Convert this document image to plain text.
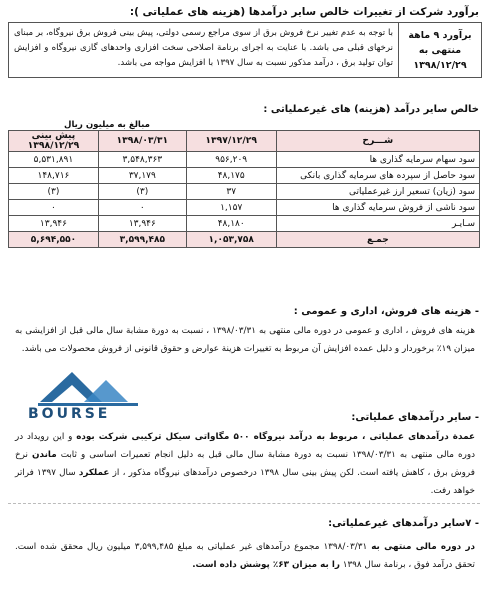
برآورد شرکت از تغییرات خالص سایر درآمدها (هزینه های عملیاتی ):
برآورد ۹ ماهة منتهی به
۱۳۹۸/۱۲/۲۹
با توجه به عدم تغییر نرخ فروش برق از سوی مراجع رسمی دولتی، پیش بینی فروش برق نیروگاه، بر مبنای نرخهای قبلی می باشد. با عنایت به اجرای برنامة اصلاحی سخت افزاری واحدهای گازی نیروگاه و افزایش توان تولید برق ، درآمد مذکور نسبت به سال ۱۳۹۷ با افزایش مواجه می باشد.
خالص سایر درآمد (هزینه) های غیرعملیاتی :
مبالغ به میلیون ریال
شـــرح	۱۳۹۷/۱۲/۲۹	۱۳۹۸/۰۳/۳۱	پیش بینی
۱۳۹۸/۱۲/۲۹

سود سهام سرمایه گذاری ها	۹۵۶,۲۰۹	۳,۵۴۸,۳۶۳	۵,۵۳۱,۸۹۱
سود حاصل از سپرده های سرمایه گذاری بانکی	۴۸,۱۷۵	۳۷,۱۷۹	۱۴۸,۷۱۶
سود (زیان) تسعیر ارز غیرعملیاتی	۳۷	(۳)	(۳)
سود ناشی از فروش سرمایه گذاری ها	۱,۱۵۷	۰	۰
سـایـر	۴۸,۱۸۰	۱۳,۹۴۶	۱۳,۹۴۶
جمـع	۱,۰۵۳,۷۵۸	۳,۵۹۹,۴۸۵	۵,۶۹۴,۵۵۰
- هزینه های فروش، اداری و عمومی :
هزینه های فروش ، اداری و عمومی در دوره مالی منتهی به ۱۳۹۸/۰۳/۳۱ ، نسبت به دورة مشابة سال مالی قبل از افزایشی به میزان ۱۹٪ برخوردار و دلیل عمده افزایش آن مربوط به تغییرات هزینة عوارض و حقوق قانونی از فروش محصولات می باشد.
BOURSE	- سایر درآمدهای عملیاتی:
عمدة درآمدهای عملیاتی ، مربوط به درآمد نیروگاه ۵۰۰ مگاواتی سیکل ترکیبی شرکت بوده و این رویداد در دوره مالی منتهی به ۱۳۹۸/۰۳/۳۱ نسبت به دورة مشابة سال مالی قبل به دلیل انجام تعمیرات اساسی و ثابت ماندن نرخ فروش برق ، کاهش یافته است. لکن پیش بینی سال ۱۳۹۸ درخصوص درآمدهای نیروگاه مذکور ، از عملکرد سال ۱۳۹۷ فراتر خواهد رفت.
- ۷سایر درآمدهای غیرعملیاتی:
در دوره مالی منتهی به ۱۳۹۸/۰۳/۳۱ مجموع درآمدهای غیر عملیاتی به مبلغ ۳,۵۹۹,۴۸۵ میلیون ریال محقق شده است. تحقق درآمد فوق ، برنامة سال ۱۳۹۸ را به میزان ۶۳٪ پوشش داده است.
